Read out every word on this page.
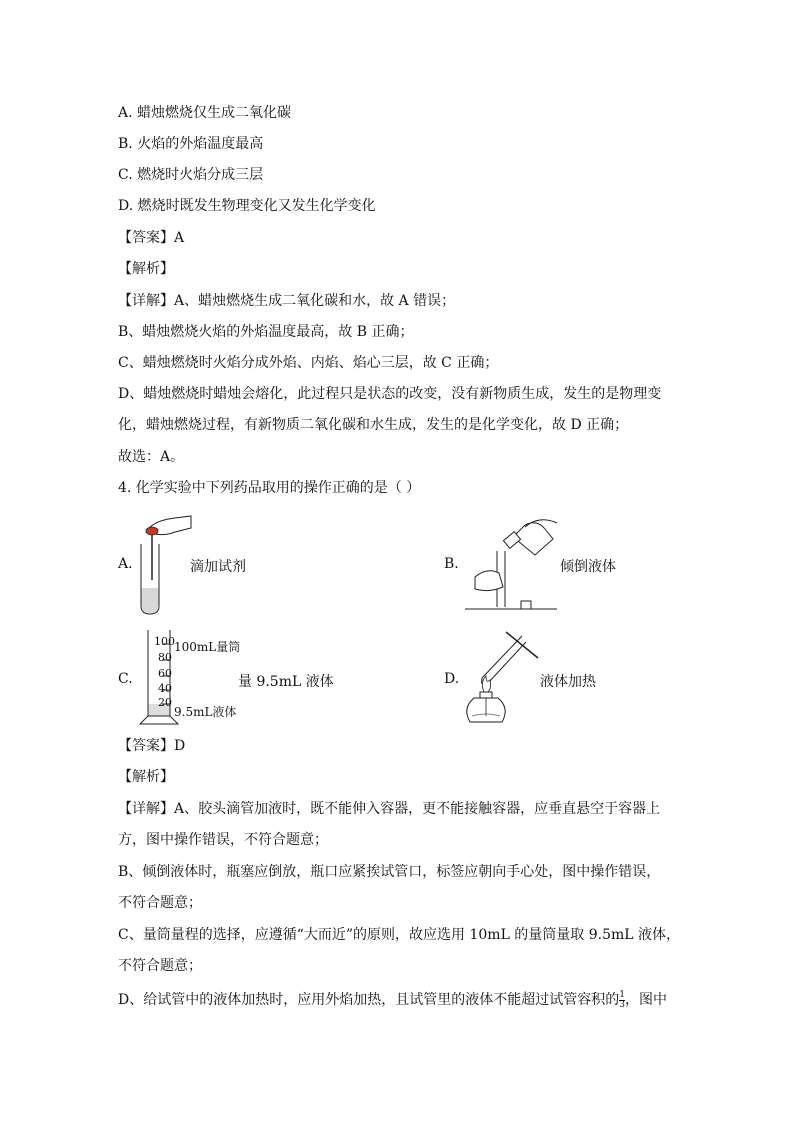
A. 蜡烛燃烧仅生成二氧化碳
B. 火焰的外焰温度最高
C. 燃烧时火焰分成三层
D. 燃烧时既发生物理变化又发生化学变化
【答案】A
【解析】
【详解】A、蜡烛燃烧生成二氧化碳和水，故 A 错误；
B、蜡烛燃烧火焰的外焰温度最高，故 B 正确；
C、蜡烛燃烧时火焰分成外焰、内焰、焰心三层，故 C 正确；
D、蜡烛燃烧时蜡烛会熔化，此过程只是状态的改变，没有新物质生成，发生的是物理变
化，蜡烛燃烧过程，有新物质二氧化碳和水生成，发生的是化学变化，故 D 正确；
故选：A。
4. 化学实验中下列药品取用的操作正确的是（ ）
A.	滴加试剂	B.	倾倒液体
C.
100
80
60
40
20
100mL量筒
9.5mL液体
量 9.5mL 液体	D.	液体加热
【答案】D
【解析】
【详解】A、胶头滴管加液时，既不能伸入容器，更不能接触容器，应垂直悬空于容器上
方，图中操作错误，不符合题意；
B、倾倒液体时，瓶塞应倒放，瓶口应紧挨试管口，标签应朝向手心处，图中操作错误，
不符合题意；
C、量筒量程的选择，应遵循“大而近”的原则，故应选用 10mL 的量筒量取 9.5mL 液体，
不符合题意；
D、给试管中的液体加热时，应用外焰加热，且试管里的液体不能超过试管容积的 $\frac{1}{3}$ ，图中
